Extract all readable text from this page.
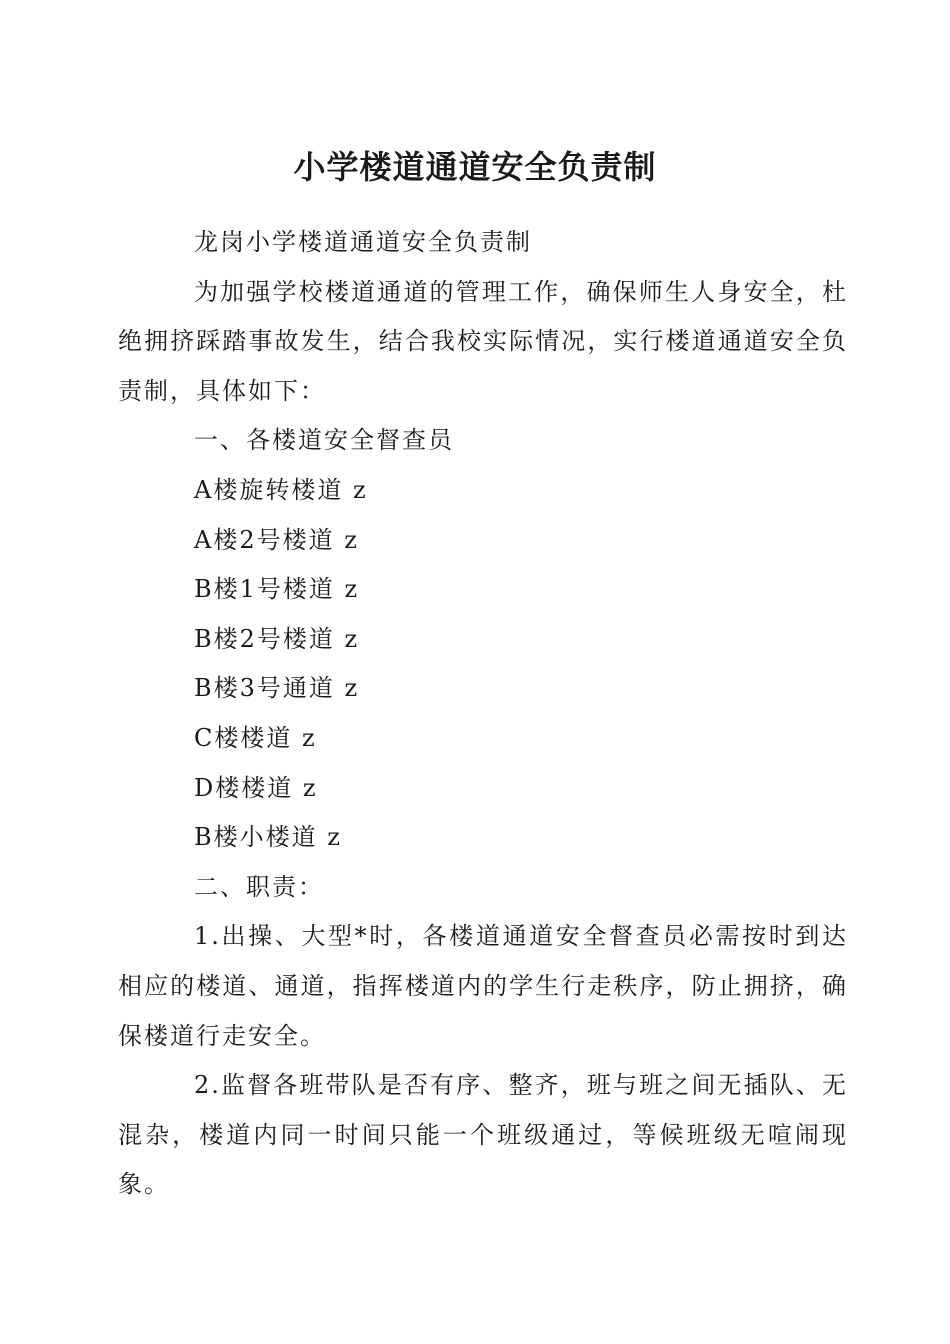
小学楼道通道安全负责制

龙岗小学楼道通道安全负责制

为加强学校楼道通道的管理工作，确保师生人身安全，杜绝拥挤踩踏事故发生，结合我校实际情况，实行楼道通道安全负责制，具体如下：

一、各楼道安全督查员

A楼旋转楼道 z

A楼2号楼道 z

B楼1号楼道 z

B楼2号楼道 z

B楼3号通道 z

C楼楼道 z

D楼楼道 z

B楼小楼道 z

二、职责：

1.出操、大型*时，各楼道通道安全督查员必需按时到达相应的楼道、通道，指挥楼道内的学生行走秩序，防止拥挤，确保楼道行走安全。

2.监督各班带队是否有序、整齐，班与班之间无插队、无混杂，楼道内同一时间只能一个班级通过，等候班级无喧闹现象。
